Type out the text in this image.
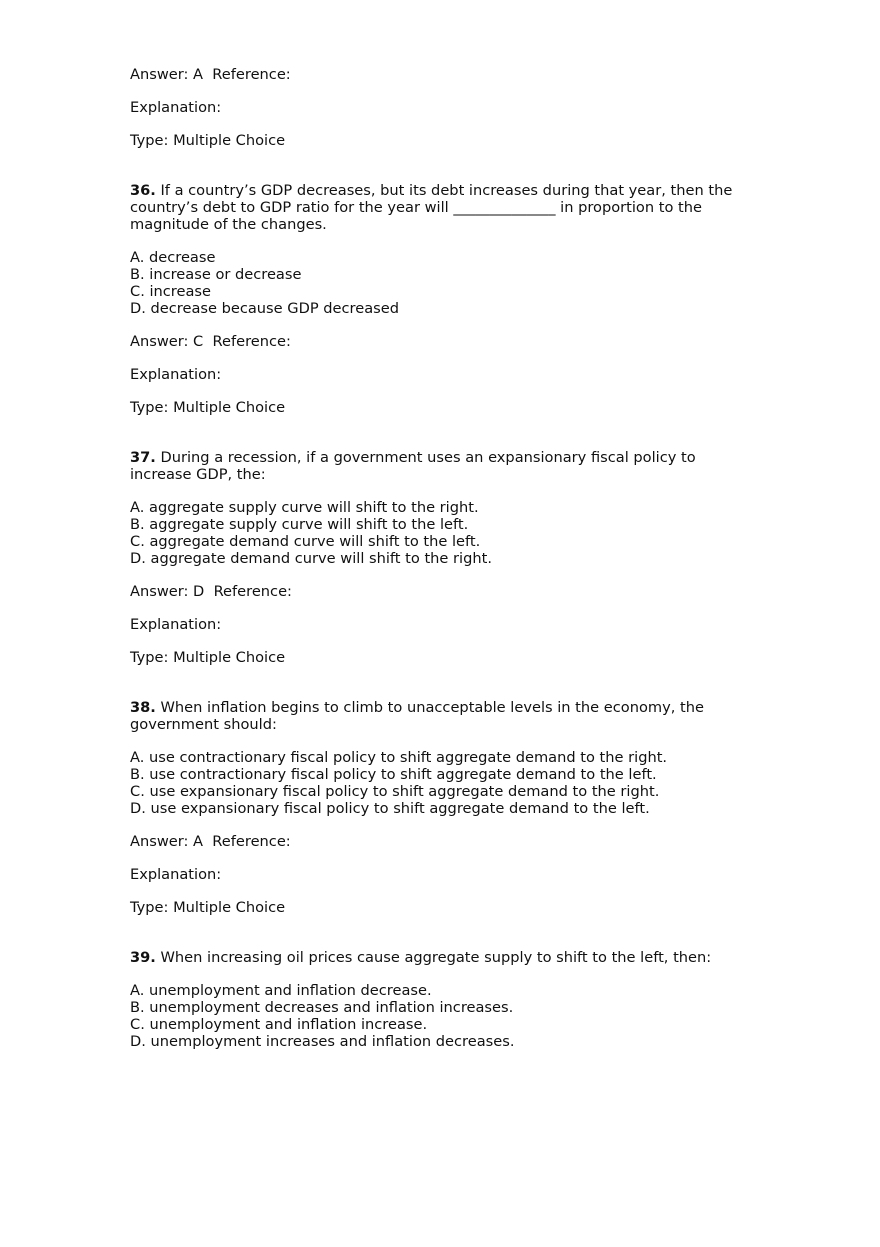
Answer: A  Reference:
Explanation:
Type: Multiple Choice
36. If a country’s GDP decreases, but its debt increases during that year, then the country’s debt to GDP ratio for the year will ______________ in proportion to the magnitude of the changes.
A. decrease
B. increase or decrease
C. increase
D. decrease because GDP decreased
Answer: C  Reference:
Explanation:
Type: Multiple Choice
37. During a recession, if a government uses an expansionary fiscal policy to increase GDP, the:
A. aggregate supply curve will shift to the right.
B. aggregate supply curve will shift to the left.
C. aggregate demand curve will shift to the left.
D. aggregate demand curve will shift to the right.
Answer: D  Reference:
Explanation:
Type: Multiple Choice
38. When inflation begins to climb to unacceptable levels in the economy, the government should:
A. use contractionary fiscal policy to shift aggregate demand to the right.
B. use contractionary fiscal policy to shift aggregate demand to the left.
C. use expansionary fiscal policy to shift aggregate demand to the right.
D. use expansionary fiscal policy to shift aggregate demand to the left.
Answer: A  Reference:
Explanation:
Type: Multiple Choice
39. When increasing oil prices cause aggregate supply to shift to the left, then:
A. unemployment and inflation decrease.
B. unemployment decreases and inflation increases.
C. unemployment and inflation increase.
D. unemployment increases and inflation decreases.
